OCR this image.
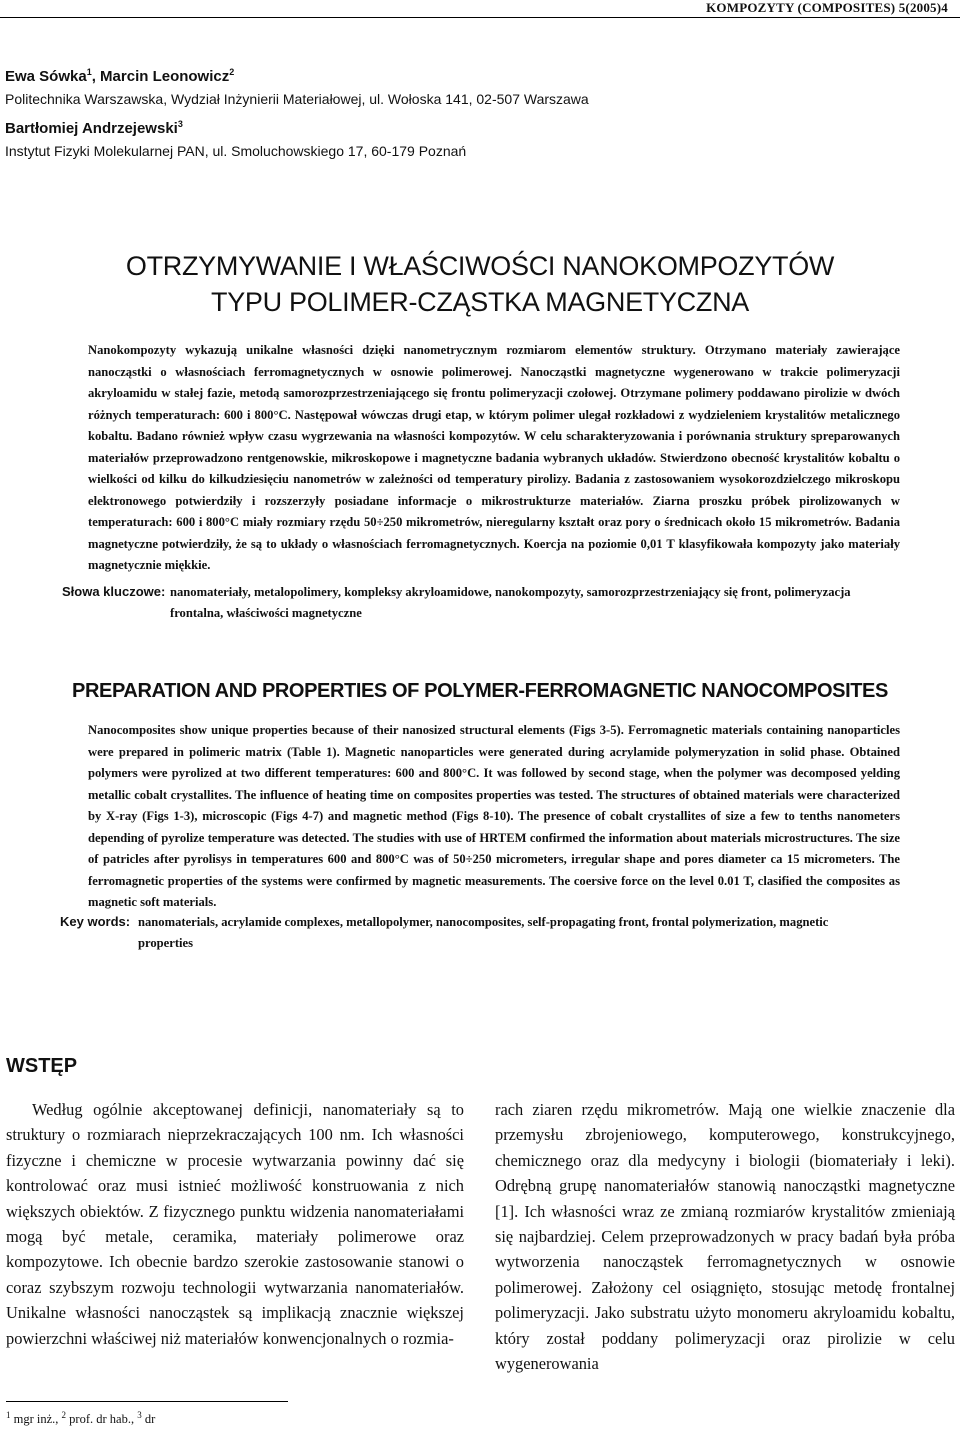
KOMPOZYTY (COMPOSITES) 5(2005)4
Ewa Sówka$^1$, Marcin Leonowicz$^2$
Politechnika Warszawska, Wydział Inżynierii Materiałowej, ul. Wołoska 141, 02-507 Warszawa
Bartłomiej Andrzejewski$^3$
Instytut Fizyki Molekularnej PAN, ul. Smoluchowskiego 17, 60-179 Poznań
OTRZYMYWANIE I WŁAŚCIWOŚCI NANOKOMPOZYTÓW
TYPU POLIMER-CZĄSTKA MAGNETYCZNA
Nanokompozyty wykazują unikalne własności dzięki nanometrycznym rozmiarom elementów struktury. Otrzymano materiały zawierające nanocząstki o własnościach ferromagnetycznych w osnowie polimerowej. Nanocząstki magnetyczne wygenerowano w trakcie polimeryzacji akryloamidu w stałej fazie, metodą samorozprzestrzeniającego się frontu polimeryzacji czołowej. Otrzymane polimery poddawano pirolizie w dwóch różnych temperaturach: 600 i 800°C. Następował wówczas drugi etap, w którym polimer ulegał rozkładowi z wydzieleniem krystalitów metalicznego kobaltu. Badano również wpływ czasu wygrzewania na własności kompozytów. W celu scharakteryzowania i porównania struktury spreparowanych materiałów przeprowadzono rentgenowskie, mikroskopowe i magnetyczne badania wybranych układów. Stwierdzono obecność krystalitów kobaltu o wielkości od kilku do kilkudziesięciu nanometrów w zależności od temperatury pirolizy. Badania z zastosowaniem wysokorozdzielczego mikroskopu elektronowego potwierdziły i rozszerzyły posiadane informacje o mikrostrukturze materiałów. Ziarna proszku próbek pirolizowanych w temperaturach: 600 i 800°C miały rozmiary rzędu 50÷250 mikrometrów, nieregularny kształt oraz pory o średnicach około 15 mikrometrów. Badania magnetyczne potwierdziły, że są to układy o własnościach ferromagnetycznych. Koercja na poziomie 0,01 T klasyfikowała kompozyty jako materiały magnetycznie miękkie.
Słowa kluczowe: nanomateriały, metalopolimery, kompleksy akryloamidowe, nanokompozyty, samorozprzestrzeniający się front, polimeryzacja frontalna, właściwości magnetyczne
PREPARATION AND PROPERTIES OF POLYMER-FERROMAGNETIC NANOCOMPOSITES
Nanocomposites show unique properties because of their nanosized structural elements (Figs 3-5). Ferromagnetic materials containing nanoparticles were prepared in polimeric matrix (Table 1). Magnetic nanoparticles were generated during acrylamide polymeryzation in solid phase. Obtained polymers were pyrolized at two different temperatures: 600 and 800°C. It was followed by second stage, when the polymer was decomposed yelding metallic cobalt crystallites. The influence of heating time on composites properties was tested. The structures of obtained materials were characterized by X-ray (Figs 1-3), microscopic (Figs 4-7) and magnetic method (Figs 8-10). The presence of cobalt crystallites of size a few to tenths nanometers depending of pyrolize temperature was detected. The studies with use of HRTEM confirmed the information about materials microstructures. The size of patricles after pyrolisys in temperatures 600 and 800°C was of 50÷250 micrometers, irregular shape and pores diameter ca 15 micrometers. The ferromagnetic properties of the systems were confirmed by magnetic measurements. The coersive force on the level 0.01 T, clasified the composites as magnetic soft materials.
Key words: nanomaterials, acrylamide complexes, metallopolymer, nanocomposites, self-propagating front, frontal polymerization, magnetic properties
WSTĘP
Według ogólnie akceptowanej definicji, nanomateriały są to struktury o rozmiarach nieprzekraczających 100 nm. Ich własności fizyczne i chemiczne w procesie wytwarzania powinny dać się kontrolować oraz musi istnieć możliwość konstruowania z nich większych obiektów. Z fizycznego punktu widzenia nanomateriałami mogą być metale, ceramika, materiały polimerowe oraz kompozytowe. Ich obecnie bardzo szerokie zastosowanie stanowi o coraz szybszym rozwoju technologii wytwarzania nanomateriałów. Unikalne własności nanocząstek są implikacją znacznie większej powierzchni właściwej niż materiałów konwencjonalnych o rozmia-
rach ziaren rzędu mikrometrów. Mają one wielkie znaczenie dla przemysłu zbrojeniowego, komputerowego, konstrukcyjnego, chemicznego oraz dla medycyny i biologii (biomateriały i leki). Odrębną grupę nanomateriałów stanowią nanocząstki magnetyczne [1]. Ich własności wraz ze zmianą rozmiarów krystalitów zmieniają się najbardziej. Celem przeprowadzonych w pracy badań była próba wytworzenia nanocząstek ferromagnetycznych w osnowie polimerowej. Założony cel osiągnięto, stosując metodę frontalnej polimeryzacji. Jako substratu użyto monomeru akryloamidu kobaltu, który został poddany polimeryzacji oraz pirolizie w celu wygenerowania
$^1$ mgr inż., $^2$ prof. dr hab., $^3$ dr
